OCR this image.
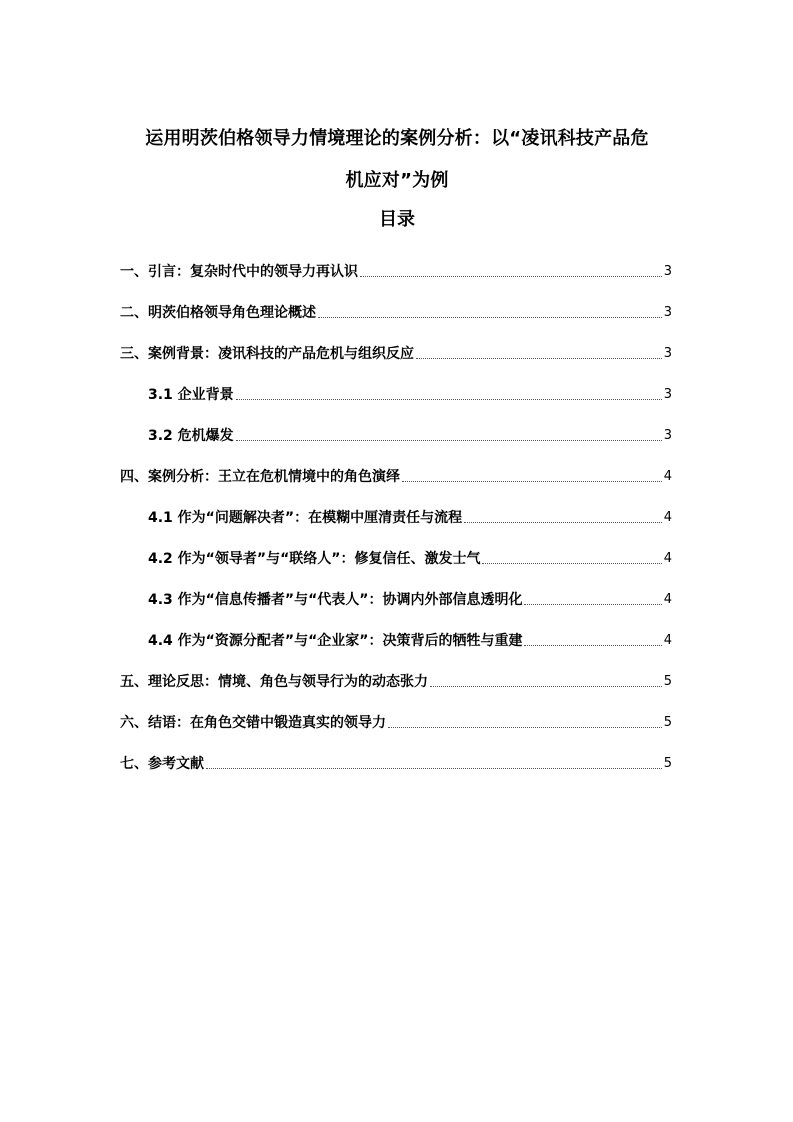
运用明茨伯格领导力情境理论的案例分析：以“凌讯科技产品危
机应对”为例
目录
一、引言：复杂时代中的领导力再认识	3
二、明茨伯格领导角色理论概述	3
三、案例背景：凌讯科技的产品危机与组织反应	3
3.1 企业背景	3
3.2 危机爆发	3
四、案例分析：王立在危机情境中的角色演绎	4
4.1 作为“问题解决者”：在模糊中厘清责任与流程	4
4.2 作为“领导者”与“联络人”：修复信任、激发士气	4
4.3 作为“信息传播者”与“代表人”：协调内外部信息透明化	4
4.4 作为“资源分配者”与“企业家”：决策背后的牺牲与重建	4
五、理论反思：情境、角色与领导行为的动态张力	5
六、结语：在角色交错中锻造真实的领导力	5
七、参考文献	5
